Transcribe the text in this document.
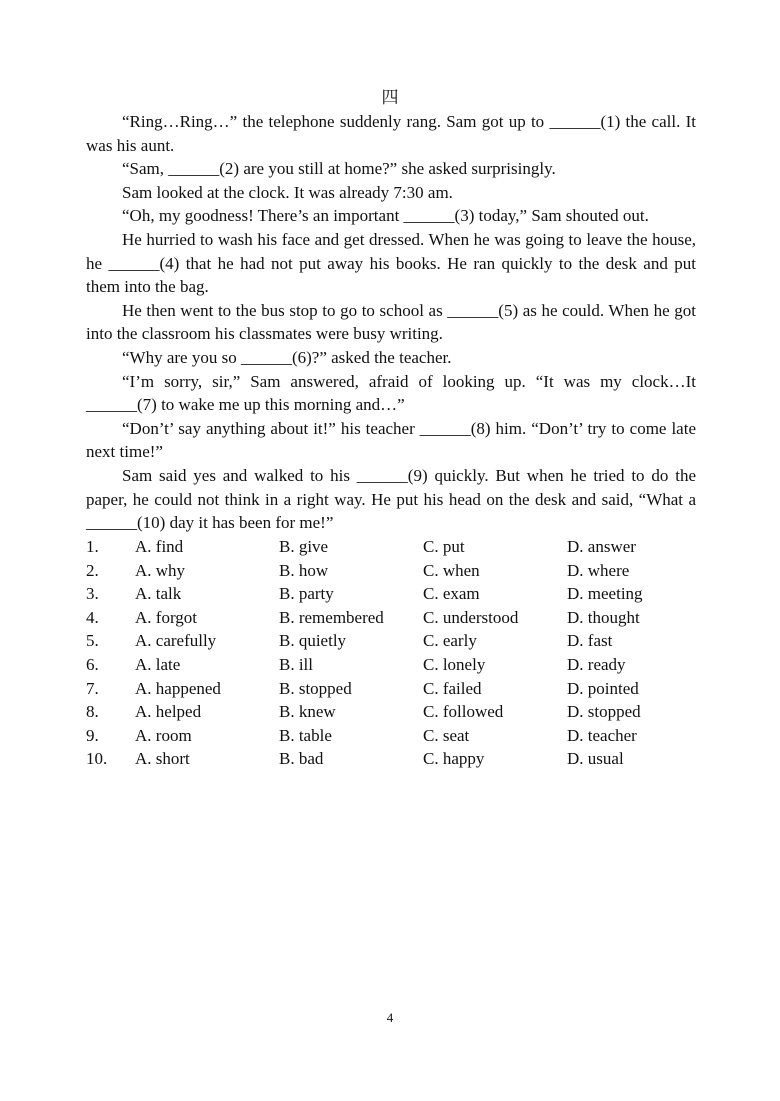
四

“Ring…Ring…” the telephone suddenly rang. Sam got up to ______(1) the call. It was his aunt.

“Sam, ______(2) are you still at home?” she asked surprisingly.

Sam looked at the clock. It was already 7:30 am.

“Oh, my goodness! There’s an important ______(3) today,” Sam shouted out.

He hurried to wash his face and get dressed. When he was going to leave the house, he ______(4) that he had not put away his books. He ran quickly to the desk and put them into the bag.

He then went to the bus stop to go to school as ______(5) as he could. When he got into the classroom his classmates were busy writing.

“Why are you so ______(6)?” asked the teacher.

“I’m sorry, sir,” Sam answered, afraid of looking up. “It was my clock…It ______(7) to wake me up this morning and…”

“Don’t’ say anything about it!” his teacher ______(8) him. “Don’t’ try to come late next time!”

Sam said yes and walked to his ______(9) quickly. But when he tried to do the paper, he could not think in a right way. He put his head on the desk and said, “What a ______(10) day it has been for me!”

1.	A. find	B. give	C. put	D. answer
2.	A. why	B. how	C. when	D. where
3.	A. talk	B. party	C. exam	D. meeting
4.	A. forgot	B. remembered	C. understood	D. thought
5.	A. carefully	B. quietly	C. early	D. fast
6.	A. late	B. ill	C. lonely	D. ready
7.	A. happened	B. stopped	C. failed	D. pointed
8.	A. helped	B. knew	C. followed	D. stopped
9.	A. room	B. table	C. seat	D. teacher
10.	A. short	B. bad	C. happy	D. usual
4
